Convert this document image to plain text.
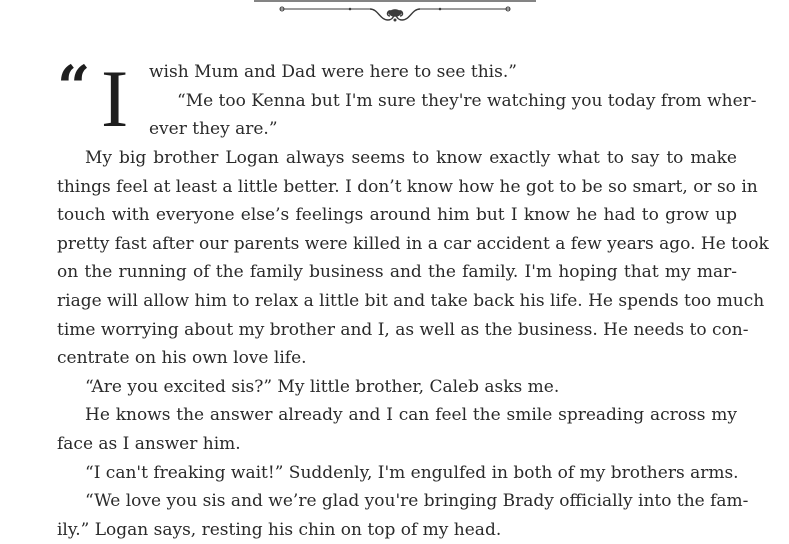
“ I wish Mum and Dad were here to see this.”
“Me too Kenna but I'm sure they're watching you today from wher-
ever they are.”
My big brother Logan always seems to know exactly what to say to make
things feel at least a little better. I don’t know how he got to be so smart, or so in
touch with everyone else’s feelings around him but I know he had to grow up
pretty fast after our parents were killed in a car accident a few years ago. He took
on the running of the family business and the family. I'm hoping that my mar-
riage will allow him to relax a little bit and take back his life. He spends too much
time worrying about my brother and I, as well as the business. He needs to con-
centrate on his own love life.
“Are you excited sis?” My little brother, Caleb asks me.
He knows the answer already and I can feel the smile spreading across my
face as I answer him.
“I can't freaking wait!” Suddenly, I'm engulfed in both of my brothers arms.
“We love you sis and we’re glad you're bringing Brady officially into the fam-
ily.” Logan says, resting his chin on top of my head.
